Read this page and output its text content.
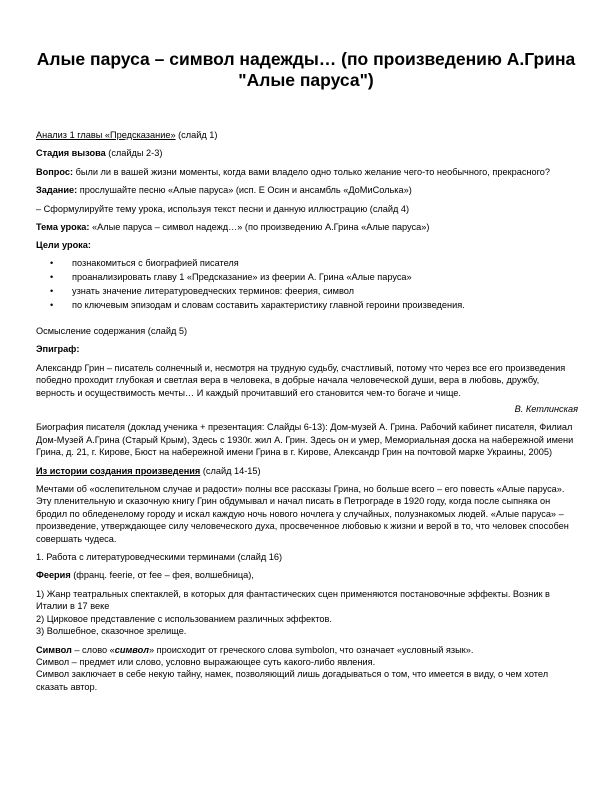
Алые паруса – символ надежды… (по произведению А.Грина "Алые паруса")

Анализ 1 главы «Предсказание» (слайд 1)

Стадия вызова (слайды 2-3)

Вопрос: были ли в вашей жизни моменты, когда вами владело одно только желание чего-то необычного, прекрасного?

Задание: прослушайте песню «Алые паруса» (исп. Е Осин и ансамбль «ДоМиСолька»)

– Сформулируйте тему урока, используя текст песни и данную иллюстрацию (слайд 4)

Тема урока: «Алые паруса – символ надежд…» (по произведению А.Грина «Алые паруса»)

Цели урока:

• познакомиться с биографией писателя
• проанализировать главу 1 «Предсказание» из феерии А. Грина «Алые паруса»
• узнать значение литературоведческих терминов: феерия, символ
• по ключевым эпизодам и словам составить характеристику главной героини произведения.

Осмысление содержания (слайд 5)

Эпиграф:

Александр Грин – писатель солнечный и, несмотря на трудную судьбу, счастливый, потому что через все его произведения победно проходит глубокая и светлая вера в человека, в добрые начала человеческой души, вера в любовь, дружбу, верность и осуществимость мечты… И каждый прочитавший его становится чем-то богаче и чище.

В. Кетлинская

Биография писателя (доклад ученика + презентация: Слайды 6-13): Дом-музей А. Грина. Рабочий кабинет писателя, Филиал Дом-Музей А.Грина (Старый Крым), Здесь с 1930г. жил А. Грин. Здесь он и умер, Мемориальная доска на набережной имени Грина, д. 21, г. Кирове, Бюст на набережной имени Грина в г. Кирове, Александр Грин на почтовой марке Украины, 2005)

Из истории создания произведения (слайд 14-15)

Мечтами об «ослепительном случае и радости» полны все рассказы Грина, но больше всего – его повесть «Алые паруса». Эту пленительную и сказочную книгу Грин обдумывал и начал писать в Петрограде в 1920 году, когда после сыпняка он бродил по обледенелому городу и искал каждую ночь нового ночлега у случайных, полузнакомых людей. «Алые паруса» – произведение, утверждающее силу человеческого духа, просвеченное любовью к жизни и верой в то, что человек способен совершать чудеса.

1. Работа с литературоведческими терминами (слайд 16)

Феерия (франц. feerie, от fee – фея, волшебница),

1) Жанр театральных спектаклей, в которых для фантастических сцен применяются постановочные эффекты. Возник в Италии в 17 веке
2) Цирковое представление с использованием различных эффектов.
3) Волшебное, сказочное зрелище.
Символ – слово «символ» происходит от греческого слова symbolon, что означает «условный язык».
Символ – предмет или слово, условно выражающее суть какого-либо явления.
Символ заключает в себе некую тайну, намек, позволяющий лишь догадываться о том, что имеется в виду, о чем хотел сказать автор.
